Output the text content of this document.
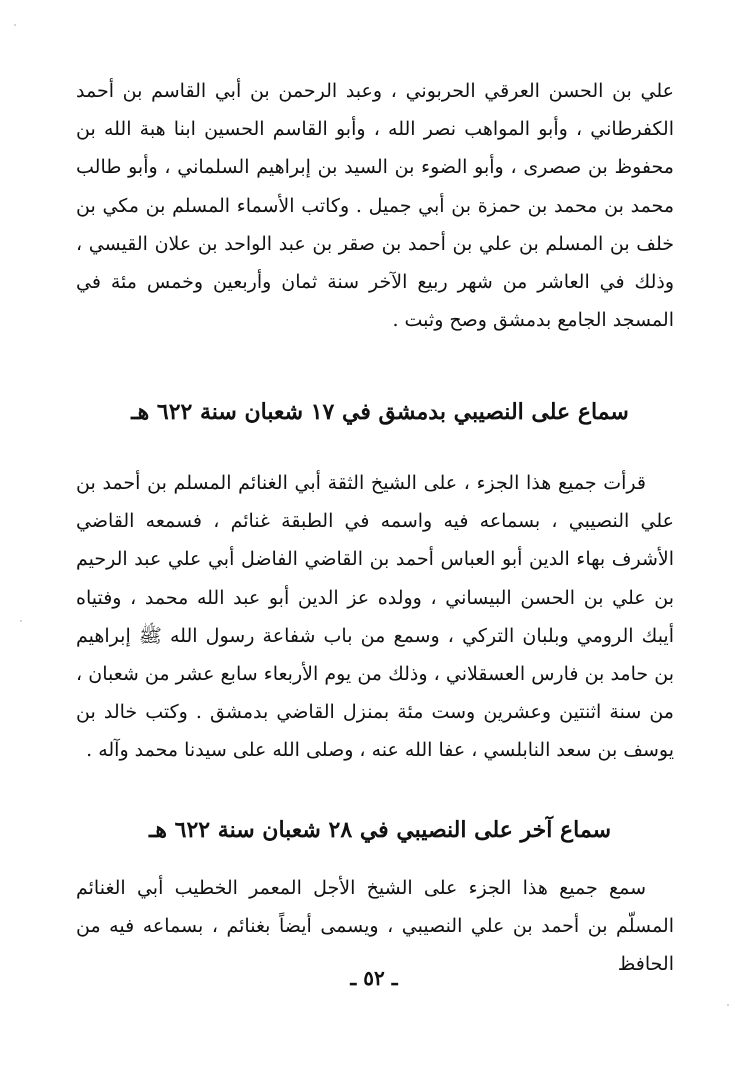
علي بن الحسن العرقي الحربوني ، وعبد الرحمن بن أبي القاسم بن أحمد الكفرطاني ، وأبو المواهب نصر الله ، وأبو القاسم الحسين ابنا هبة الله بن محفوظ بن صصرى ، وأبو الضوء بن السيد بن إبراهيم السلماني ، وأبو طالب محمد بن محمد بن حمزة بن أبي جميل . وكاتب الأسماء المسلم بن مكي بن خلف بن المسلم بن علي بن أحمد بن صقر بن عبد الواحد بن علان القيسي ، وذلك في العاشر من شهر ربيع الآخر سنة ثمان وأربعين وخمس مئة في المسجد الجامع بدمشق وصح وثبت .

سماع على النصيبي بدمشق في ١٧ شعبان سنة ٦٢٢ هـ

قرأت جميع هذا الجزء ، على الشيخ الثقة أبي الغنائم المسلم بن أحمد بن علي النصيبي ، بسماعه فيه واسمه في الطبقة غنائم ، فسمعه القاضي الأشرف بهاء الدين أبو العباس أحمد بن القاضي الفاضل أبي علي عبد الرحيم بن علي بن الحسن البيساني ، وولده عز الدين أبو عبد الله محمد ، وفتياه أيبك الرومي وبلبان التركي ، وسمع من باب شفاعة رسول الله ﷺ إبراهيم بن حامد بن فارس العسقلاني ، وذلك من يوم الأربعاء سابع عشر من شعبان ، من سنة اثنتين وعشرين وست مئة بمنزل القاضي بدمشق . وكتب خالد بن يوسف بن سعد النابلسي ، عفا الله عنه ، وصلى الله على سيدنا محمد وآله .

سماع آخر على النصيبي في ٢٨ شعبان سنة ٦٢٢ هـ

سمع جميع هذا الجزء على الشيخ الأجل المعمر الخطيب أبي الغنائم المسلّم بن أحمد بن علي النصيبي ، ويسمى أيضاً بغنائم ، بسماعه فيه من الحافظ

ـ ٥٢ ـ
